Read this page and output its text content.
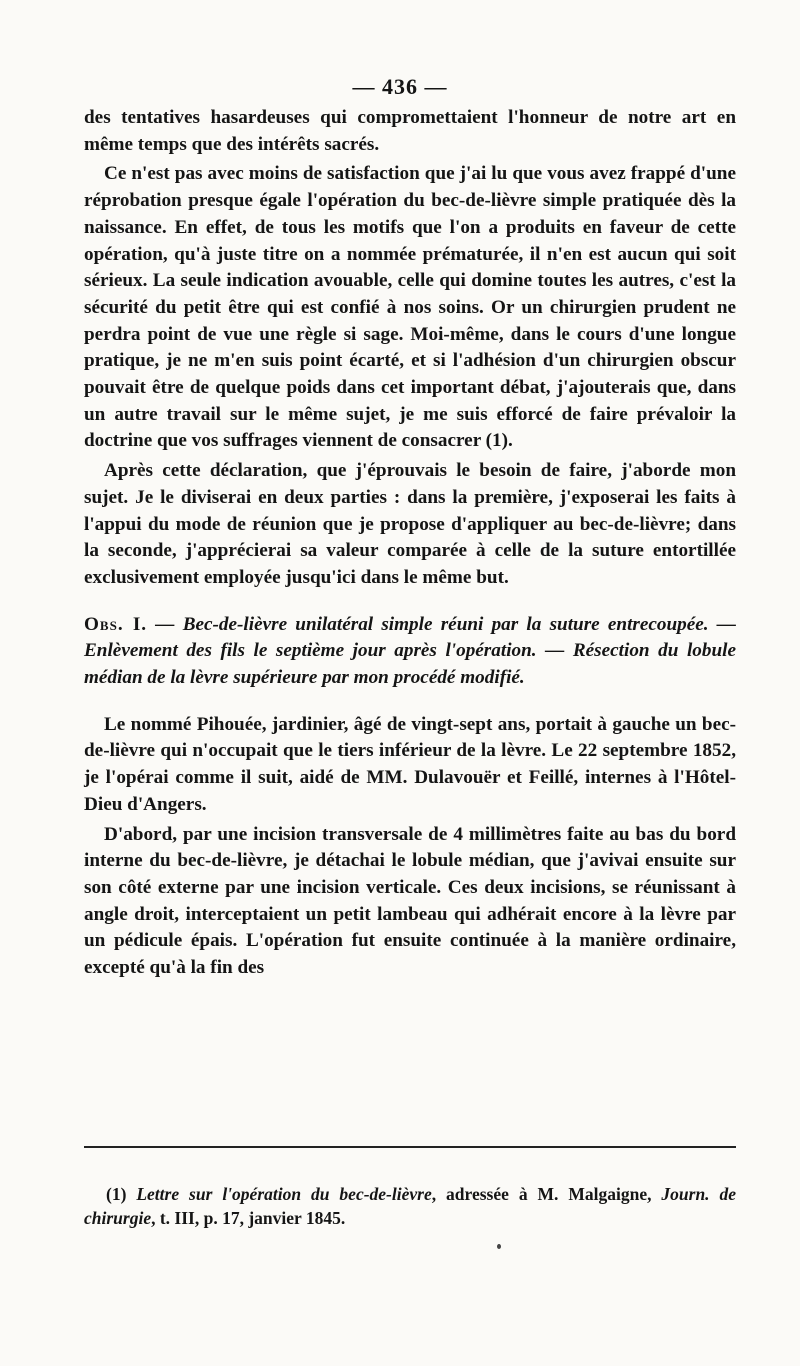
— 436 —

des tentatives hasardeuses qui compromettaient l'honneur de notre art en même temps que des intérêts sacrés.

Ce n'est pas avec moins de satisfaction que j'ai lu que vous avez frappé d'une réprobation presque égale l'opération du bec-de-lièvre simple pratiquée dès la naissance. En effet, de tous les motifs que l'on a produits en faveur de cette opération, qu'à juste titre on a nommée prématurée, il n'en est aucun qui soit sérieux. La seule indication avouable, celle qui domine toutes les autres, c'est la sécurité du petit être qui est confié à nos soins. Or un chirurgien prudent ne perdra point de vue une règle si sage. Moi-même, dans le cours d'une longue pratique, je ne m'en suis point écarté, et si l'adhésion d'un chirurgien obscur pouvait être de quelque poids dans cet important débat, j'ajouterais que, dans un autre travail sur le même sujet, je me suis efforcé de faire prévaloir la doctrine que vos suffrages viennent de consacrer (1).

Après cette déclaration, que j'éprouvais le besoin de faire, j'aborde mon sujet. Je le diviserai en deux parties : dans la première, j'exposerai les faits à l'appui du mode de réunion que je propose d'appliquer au bec-de-lièvre; dans la seconde, j'apprécierai sa valeur comparée à celle de la suture entortillée exclusivement employée jusqu'ici dans le même but.

Obs. I. — Bec-de-lièvre unilatéral simple réuni par la suture entrecoupée. — Enlèvement des fils le septième jour après l'opération. — Résection du lobule médian de la lèvre supérieure par mon procédé modifié.

Le nommé Pihouée, jardinier, âgé de vingt-sept ans, portait à gauche un bec-de-lièvre qui n'occupait que le tiers inférieur de la lèvre. Le 22 septembre 1852, je l'opérai comme il suit, aidé de MM. Dulavouër et Feillé, internes à l'Hôtel-Dieu d'Angers.

D'abord, par une incision transversale de 4 millimètres faite au bas du bord interne du bec-de-lièvre, je détachai le lobule médian, que j'avivai ensuite sur son côté externe par une incision verticale. Ces deux incisions, se réunissant à angle droit, interceptaient un petit lambeau qui adhérait encore à la lèvre par un pédicule épais. L'opération fut ensuite continuée à la manière ordinaire, excepté qu'à la fin des

(1) Lettre sur l'opération du bec-de-lièvre, adressée à M. Malgaigne, Journ. de chirurgie, t. III, p. 17, janvier 1845.
